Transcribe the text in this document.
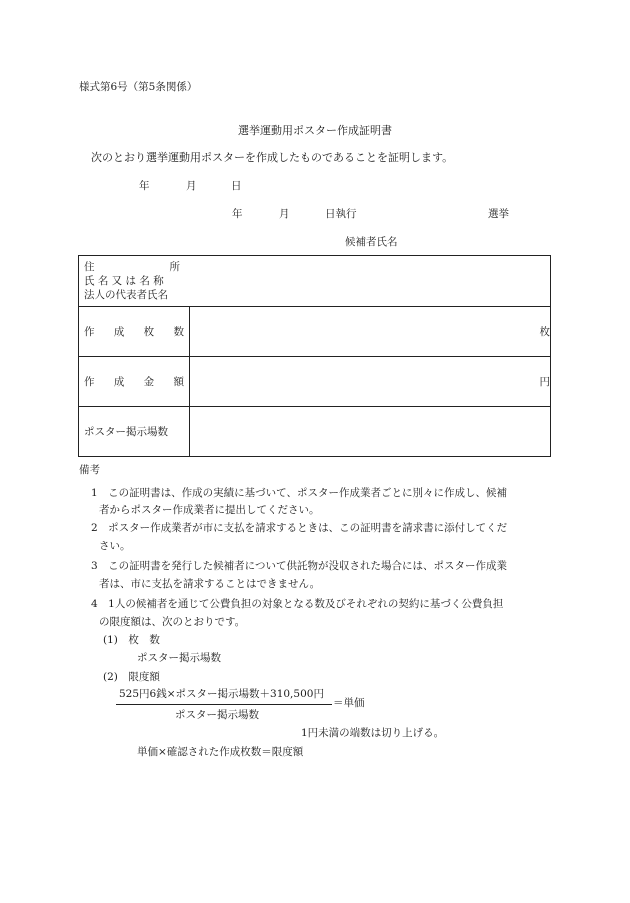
様式第6号（第5条関係）
選挙運動用ポスター作成証明書
次のとおり選挙運動用ポスターを作成したものであることを証明します。
年	月	日
年	月	日執行	選挙
候補者氏名
住 所
氏 名 又 は 名 称
法人の代表者氏名	

作 成 枚 数	枚

作 成 金 額	円

ポスター掲示場数	

備考
1　この証明書は、作成の実績に基づいて、ポスター作成業者ごとに別々に作成し、候補
者からポスター作成業者に提出してください。
2　ポスター作成業者が市に支払を請求するときは、この証明書を請求書に添付してくだ
さい。
3　この証明書を発行した候補者について供託物が没収された場合には、ポスター作成業
者は、市に支払を請求することはできません。
4　1人の候補者を通じて公費負担の対象となる数及びそれぞれの契約に基づく公費負担
の限度額は、次のとおりです。
(1)　枚　数
ポスター掲示場数
(2)　限度額
525円6銭×ポスター掲示場数＋310,500円
＝単価
ポスター掲示場数
1円未満の端数は切り上げる。
単価×確認された作成枚数＝限度額
